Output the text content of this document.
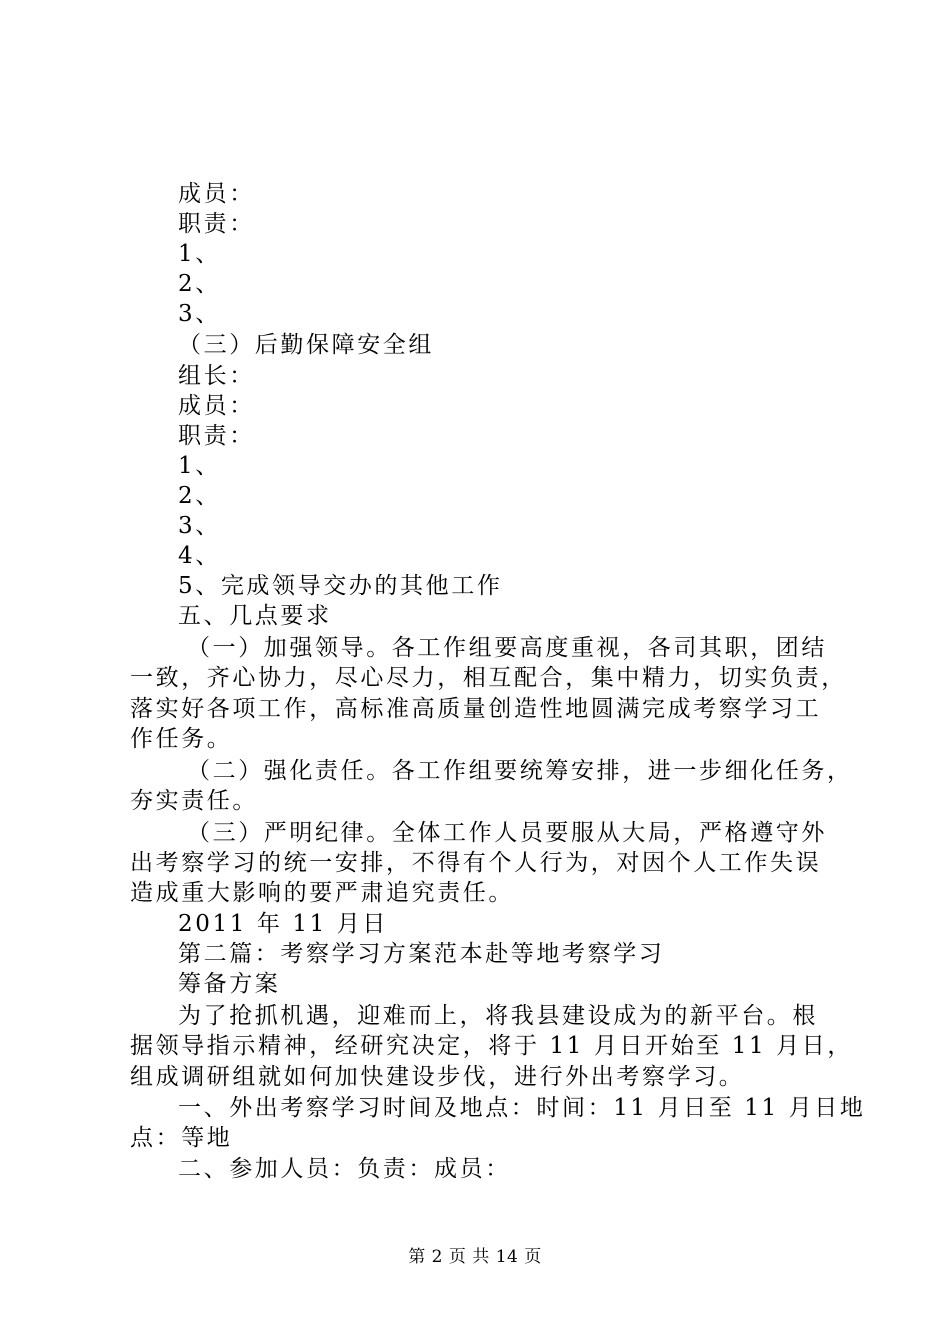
成员：
职责：
1、
2、
3、
（三）后勤保障安全组
组长：
成员：
职责：
1、
2、
3、
4、
5、完成领导交办的其他工作
五、几点要求
（一）加强领导。各工作组要高度重视，各司其职，团结
一致，齐心协力，尽心尽力，相互配合，集中精力，切实负责，
落实好各项工作，高标准高质量创造性地圆满完成考察学习工
作任务。
（二）强化责任。各工作组要统筹安排，进一步细化任务，
夯实责任。
（三）严明纪律。全体工作人员要服从大局，严格遵守外
出考察学习的统一安排，不得有个人行为，对因个人工作失误
造成重大影响的要严肃追究责任。
2011 年 11 月日
第二篇：考察学习方案范本赴等地考察学习
筹备方案
为了抢抓机遇，迎难而上，将我县建设成为的新平台。根
据领导指示精神，经研究决定，将于 11 月日开始至 11 月日，
组成调研组就如何加快建设步伐，进行外出考察学习。
一、外出考察学习时间及地点：时间：11 月日至 11 月日地
点：等地
二、参加人员：负责：成员：
第 2 页 共 14 页
